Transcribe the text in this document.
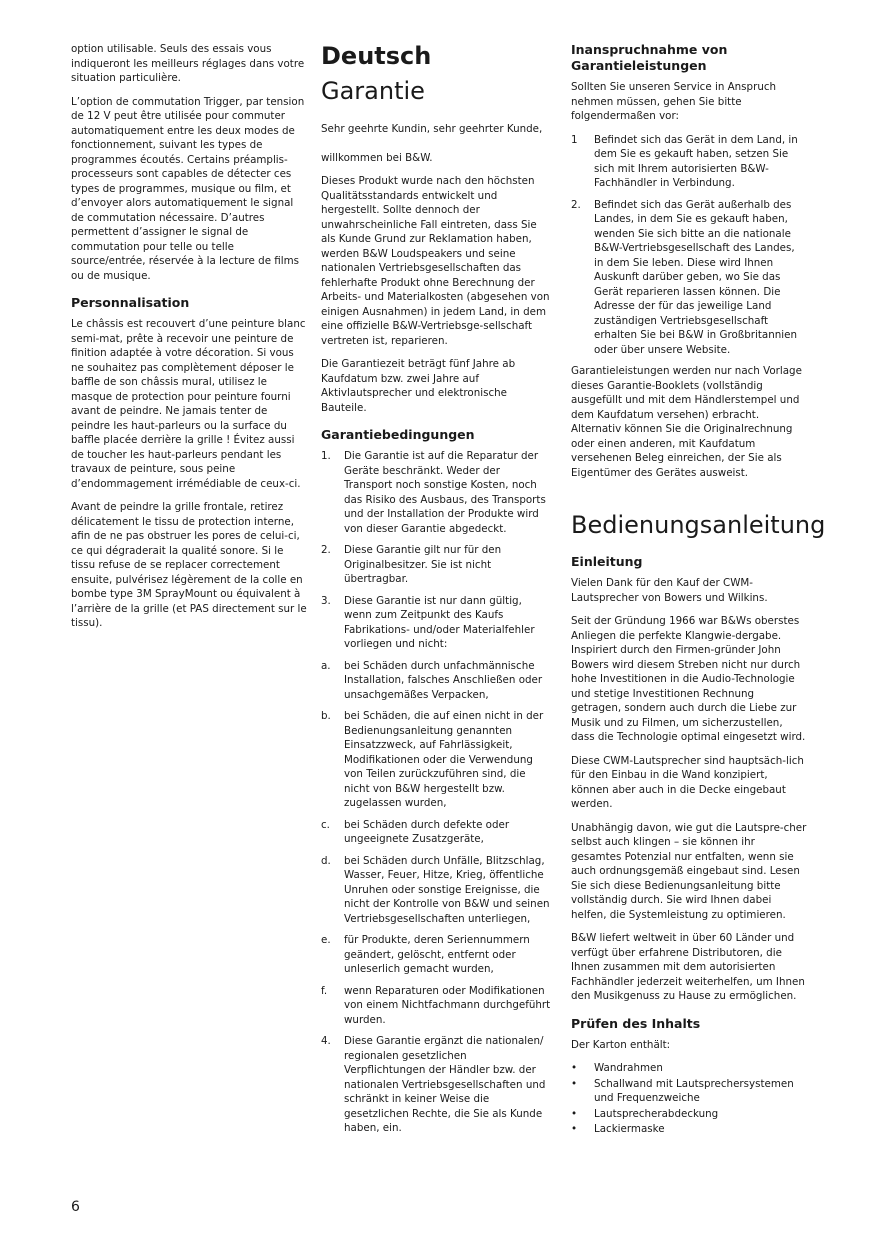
option utilisable. Seuls des essais vous indiqueront les meilleurs réglages dans votre situation particulière.

L’option de commutation Trigger, par tension de 12 V peut être utilisée pour commuter automatiquement entre les deux modes de fonctionnement, suivant les types de programmes écoutés. Certains préamplis-processeurs sont capables de détecter ces types de programmes, musique ou film, et d’envoyer alors automatiquement le signal de commutation nécessaire. D’autres permettent d’assigner le signal de commutation pour telle ou telle source/entrée, réservée à la lecture de films ou de musique.

Personnalisation

Le châssis est recouvert d’une peinture blanc semi-mat, prête à recevoir une peinture de finition adaptée à votre décoration. Si vous ne souhaitez pas complètement déposer le baffle de son châssis mural, utilisez le masque de protection pour peinture fourni avant de peindre. Ne jamais tenter de peindre les haut-parleurs ou la surface du baffle placée derrière la grille ! Évitez aussi de toucher les haut-parleurs pendant les travaux de peinture, sous peine d’endommagement irrémédiable de ceux-ci.

Avant de peindre la grille frontale, retirez délicatement le tissu de protection interne, afin de ne pas obstruer les pores de celui-ci, ce qui dégraderait la qualité sonore. Si le tissu refuse de se replacer correctement ensuite, pulvérisez légèrement de la colle en bombe type 3M SprayMount ou équivalent à l’arrière de la grille (et PAS directement sur le tissu).

Deutsch
Garantie

Sehr geehrte Kundin, sehr geehrter Kunde,

willkommen bei B&W.

Dieses Produkt wurde nach den höchsten Qualitätsstandards entwickelt und hergestellt. Sollte dennoch der unwahrscheinliche Fall eintreten, dass Sie als Kunde Grund zur Reklamation haben, werden B&W Loudspeakers und seine nationalen Vertriebsgesellschaften das fehlerhafte Produkt ohne Berechnung der Arbeits- und Materialkosten (abgesehen von einigen Ausnahmen) in jedem Land, in dem eine offizielle B&W-Vertriebsge-sellschaft vertreten ist, reparieren.

Die Garantiezeit beträgt fünf Jahre ab Kaufdatum bzw. zwei Jahre auf Aktivlautsprecher und elektronische Bauteile.

Garantiebedingungen
1.	Die Garantie ist auf die Reparatur der Geräte beschränkt. Weder der Transport noch sonstige Kosten, noch das Risiko des Ausbaus, des Transports und der Installation der Produkte wird von dieser Garantie abgedeckt.
2.	Diese Garantie gilt nur für den Originalbesitzer. Sie ist nicht übertragbar.
3.	Diese Garantie ist nur dann gültig, wenn zum Zeitpunkt des Kaufs Fabrikations- und/oder Materialfehler vorliegen und nicht:
a.	bei Schäden durch unfachmännische Installation, falsches Anschließen oder unsachgemäßes Verpacken,
b.	bei Schäden, die auf einen nicht in der Bedienungsanleitung genannten Einsatzzweck, auf Fahrlässigkeit, Modifikationen oder die Verwendung von Teilen zurückzuführen sind, die nicht von B&W hergestellt bzw. zugelassen wurden,
c.	bei Schäden durch defekte oder ungeeignete Zusatzgeräte,
d.	bei Schäden durch Unfälle, Blitzschlag, Wasser, Feuer, Hitze, Krieg, öffentliche Unruhen oder sonstige Ereignisse, die nicht der Kontrolle von B&W und seinen Vertriebsgesellschaften unterliegen,
e.	für Produkte, deren Seriennummern geändert, gelöscht, entfernt oder unleserlich gemacht wurden,
f.	wenn Reparaturen oder Modifikationen von einem Nichtfachmann durchgeführt wurden.
4.	Diese Garantie ergänzt die nationalen/ regionalen gesetzlichen Verpflichtungen der Händler bzw. der nationalen Vertriebsgesellschaften und schränkt in keiner Weise die gesetzlichen Rechte, die Sie als Kunde haben, ein.
Inanspruchnahme von Garantieleistungen

Sollten Sie unseren Service in Anspruch nehmen müssen, gehen Sie bitte folgendermaßen vor:

1	Befindet sich das Gerät in dem Land, in dem Sie es gekauft haben, setzen Sie sich mit Ihrem autorisierten B&W-Fachhändler in Verbindung.
2.	Befindet sich das Gerät außerhalb des Landes, in dem Sie es gekauft haben, wenden Sie sich bitte an die nationale B&W-Vertriebsgesellschaft des Landes, in dem Sie leben. Diese wird Ihnen Auskunft darüber geben, wo Sie das Gerät reparieren lassen können. Die Adresse der für das jeweilige Land zuständigen Vertriebsgesellschaft erhalten Sie bei B&W in Großbritannien oder über unsere Website.

Garantieleistungen werden nur nach Vorlage dieses Garantie-Booklets (vollständig ausgefüllt und mit dem Händlerstempel und dem Kaufdatum versehen) erbracht. Alternativ können Sie die Originalrechnung oder einen anderen, mit Kaufdatum versehenen Beleg einreichen, der Sie als Eigentümer des Gerätes ausweist.

Bedienungsanleitung
Einleitung

Vielen Dank für den Kauf der CWM-Lautsprecher von Bowers und Wilkins.

Seit der Gründung 1966 war B&Ws oberstes Anliegen die perfekte Klangwie-dergabe. Inspiriert durch den Firmen-gründer John Bowers wird diesem Streben nicht nur durch hohe Investitionen in die Audio-Technologie und stetige Investitionen Rechnung getragen, sondern auch durch die Liebe zur Musik und zu Filmen, um sicherzustellen, dass die Technologie optimal eingesetzt wird.

Diese CWM-Lautsprecher sind hauptsäch-lich für den Einbau in die Wand konzipiert, können aber auch in die Decke eingebaut werden.

Unabhängig davon, wie gut die Lautspre-cher selbst auch klingen – sie können ihr gesamtes Potenzial nur entfalten, wenn sie auch ordnungsgemäß eingebaut sind. Lesen Sie sich diese Bedienungsanleitung bitte vollständig durch. Sie wird Ihnen dabei helfen, die Systemleistung zu optimieren.

B&W liefert weltweit in über 60 Länder und verfügt über erfahrene Distributoren, die Ihnen zusammen mit dem autorisierten Fachhändler jederzeit weiterhelfen, um Ihnen den Musikgenuss zu Hause zu ermöglichen.

Prüfen des Inhalts

Der Karton enthält:

•	Wandrahmen
•	Schallwand mit Lautsprechersystemen und Frequenzweiche
•	Lautsprecherabdeckung
•	Lackiermaske
6
